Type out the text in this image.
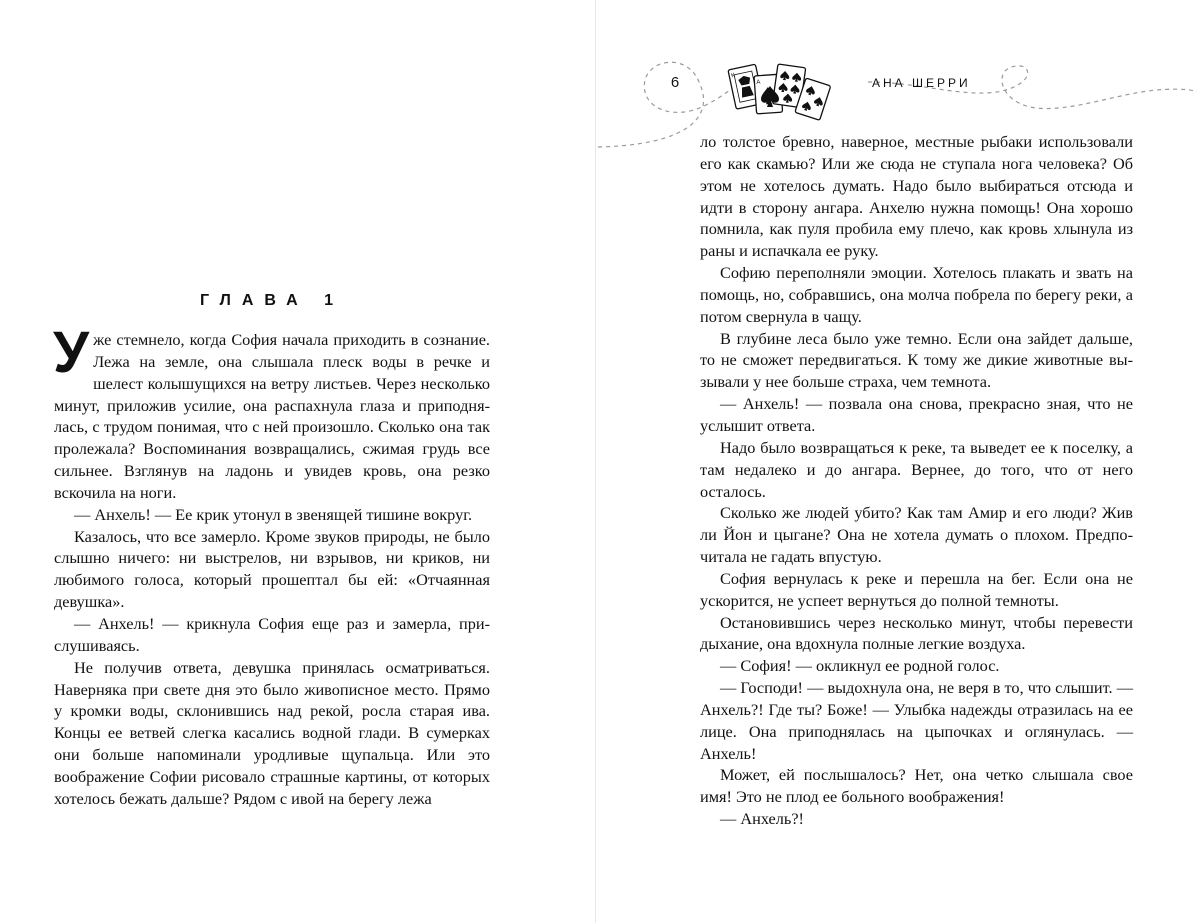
ГЛАВА 1

Уже стемнело, когда София начала приходить в сознание. Лежа на земле, она слышала плеск воды в речке и шелест колышущихся на ветру листьев. Через несколько минут, приложив усилие, она распахнула глаза и приподнялась, с трудом понимая, что с ней произошло. Сколько она так пролежала? Воспоминания возвращались, сжимая грудь все сильнее. Взглянув на ладонь и увидев кровь, она резко вскочила на ноги.

— Анхель! — Ее крик утонул в звенящей тишине вокруг.

Казалось, что все замерло. Кроме звуков природы, не было слышно ничего: ни выстрелов, ни взрывов, ни криков, ни любимого голоса, который прошептал бы ей: «Отчаянная девушка».

— Анхель! — крикнула София еще раз и замерла, прислушиваясь.

Не получив ответа, девушка принялась осматриваться. Наверняка при свете дня это было живописное место. Прямо у кромки воды, склонившись над рекой, росла старая ива. Концы ее ветвей слегка касались водной глади. В сумерках они больше напоминали уродливые щупальца. Или это воображение Софии рисовало страшные картины, от которых хотелось бежать дальше? Рядом с ивой на берегу лежа

K
A
6	АНА ШЕРРИ

ло толстое бревно, наверное, местные рыбаки использовали его как скамью? Или же сюда не ступала нога человека? Об этом не хотелось думать. Надо было выбираться отсюда и идти в сторону ангара. Анхелю нужна помощь! Она хорошо помнила, как пуля пробила ему плечо, как кровь хлынула из раны и испачкала ее руку.

Софию переполняли эмоции. Хотелось плакать и звать на помощь, но, собравшись, она молча побрела по берегу реки, а потом свернула в чащу.

В глубине леса было уже темно. Если она зайдет дальше, то не сможет передвигаться. К тому же дикие животные вызывали у нее больше страха, чем темнота.

— Анхель! — позвала она снова, прекрасно зная, что не услышит ответа.

Надо было возвращаться к реке, та выведет ее к поселку, а там недалеко и до ангара. Вернее, до того, что от него осталось.

Сколько же людей убито? Как там Амир и его люди? Жив ли Йон и цыгане? Она не хотела думать о плохом. Предпочитала не гадать впустую.

София вернулась к реке и перешла на бег. Если она не ускорится, не успеет вернуться до полной темноты.

Остановившись через несколько минут, чтобы перевести дыхание, она вдохнула полные легкие воздуха.

— София! — окликнул ее родной голос.

— Господи! — выдохнула она, не веря в то, что слышит. — Анхель?! Где ты? Боже! — Улыбка надежды отразилась на ее лице. Она приподнялась на цыпочках и оглянулась. — Анхель!

Может, ей послышалось? Нет, она четко слышала свое имя! Это не плод ее больного воображения!

— Анхель?!
